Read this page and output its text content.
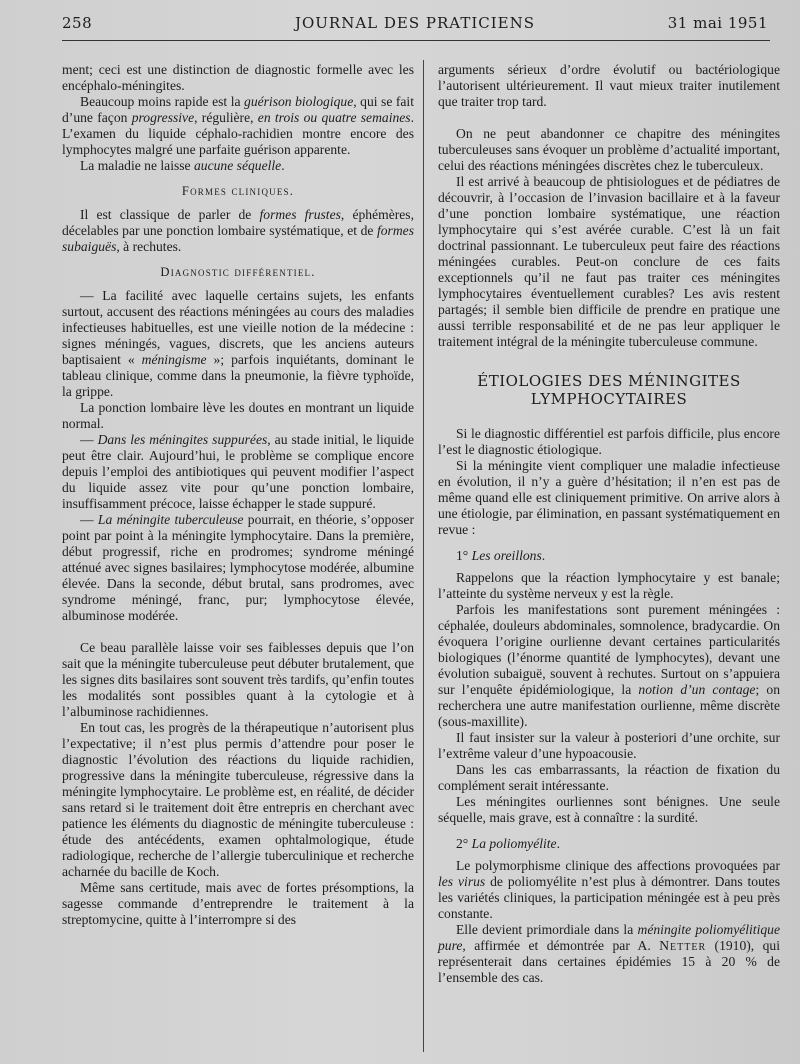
258	JOURNAL DES PRATICIENS	31 mai 1951

ment; ceci est une distinction de diagnostic formelle avec les encéphalo-méningites.

Beaucoup moins rapide est la guérison biologique, qui se fait d’une façon progressive, régulière, en trois ou quatre semaines. L’examen du liquide céphalo-rachidien montre encore des lymphocytes malgré une parfaite guérison apparente.

La maladie ne laisse aucune séquelle.

Formes cliniques.

Il est classique de parler de formes frustes, éphémères, décelables par une ponction lombaire systématique, et de formes subaiguës, à rechutes.

Diagnostic différentiel.

— La facilité avec laquelle certains sujets, les enfants surtout, accusent des réactions méningées au cours des maladies infectieuses habituelles, est une vieille notion de la médecine : signes méningés, vagues, discrets, que les anciens auteurs baptisaient « méningisme »; parfois inquiétants, dominant le tableau clinique, comme dans la pneumonie, la fièvre typhoïde, la grippe.

La ponction lombaire lève les doutes en montrant un liquide normal.

— Dans les méningites suppurées, au stade initial, le liquide peut être clair. Aujourd’hui, le problème se complique encore depuis l’emploi des antibiotiques qui peuvent modifier l’aspect du liquide assez vite pour qu’une ponction lombaire, insuffisamment précoce, laisse échapper le stade suppuré.

— La méningite tuberculeuse pourrait, en théorie, s’opposer point par point à la méningite lymphocytaire. Dans la première, début progressif, riche en prodromes; syndrome méningé atténué avec signes basilaires; lymphocytose modérée, albumine élevée. Dans la seconde, début brutal, sans prodromes, avec syndrome méningé, franc, pur; lymphocytose élevée, albuminose modérée.

Ce beau parallèle laisse voir ses faiblesses depuis que l’on sait que la méningite tuberculeuse peut débuter brutalement, que les signes dits basilaires sont souvent très tardifs, qu’enfin toutes les modalités sont possibles quant à la cytologie et à l’albuminose rachidiennes.

En tout cas, les progrès de la thérapeutique n’autorisent plus l’expectative; il n’est plus permis d’attendre pour poser le diagnostic l’évolution des réactions du liquide rachidien, progressive dans la méningite tuberculeuse, régressive dans la méningite lymphocytaire. Le problème est, en réalité, de décider sans retard si le traitement doit être entrepris en cherchant avec patience les éléments du diagnostic de méningite tuberculeuse : étude des antécédents, examen ophtalmologique, étude radiologique, recherche de l’allergie tuberculinique et recherche acharnée du bacille de Koch.

Même sans certitude, mais avec de fortes présomptions, la sagesse commande d’entreprendre le traitement à la streptomycine, quitte à l’interrompre si des

arguments sérieux d’ordre évolutif ou bactériologique l’autorisent ultérieurement. Il vaut mieux traiter inutilement que traiter trop tard.

On ne peut abandonner ce chapitre des méningites tuberculeuses sans évoquer un problème d’actualité important, celui des réactions méningées discrètes chez le tuberculeux.

Il est arrivé à beaucoup de phtisiologues et de pédiatres de découvrir, à l’occasion de l’invasion bacillaire et à la faveur d’une ponction lombaire systématique, une réaction lymphocytaire qui s’est avérée curable. C’est là un fait doctrinal passionnant. Le tuberculeux peut faire des réactions méningées curables. Peut-on conclure de ces faits exceptionnels qu’il ne faut pas traiter ces méningites lymphocytaires éventuellement curables? Les avis restent partagés; il semble bien difficile de prendre en pratique une aussi terrible responsabilité et de ne pas leur appliquer le traitement intégral de la méningite tuberculeuse commune.

ÉTIOLOGIES DES MÉNINGITES
LYMPHOCYTAIRES

Si le diagnostic différentiel est parfois difficile, plus encore l’est le diagnostic étiologique.

Si la méningite vient compliquer une maladie infectieuse en évolution, il n’y a guère d’hésitation; il n’en est pas de même quand elle est cliniquement primitive. On arrive alors à une étiologie, par élimination, en passant systématiquement en revue :

1° Les oreillons.

Rappelons que la réaction lymphocytaire y est banale; l’atteinte du système nerveux y est la règle.

Parfois les manifestations sont purement méningées : céphalée, douleurs abdominales, somnolence, bradycardie. On évoquera l’origine ourlienne devant certaines particularités biologiques (l’énorme quantité de lymphocytes), devant une évolution subaiguë, souvent à rechutes. Surtout on s’appuiera sur l’enquête épidémiologique, la notion d’un contage; on recherchera une autre manifestation ourlienne, même discrète (sous-maxillite).

Il faut insister sur la valeur à posteriori d’une orchite, sur l’extrême valeur d’une hypoacousie.

Dans les cas embarrassants, la réaction de fixation du complément serait intéressante.

Les méningites ourliennes sont bénignes. Une seule séquelle, mais grave, est à connaître : la surdité.

2° La poliomyélite.

Le polymorphisme clinique des affections provoquées par les virus de poliomyélite n’est plus à démontrer. Dans toutes les variétés cliniques, la participation méningée est à peu près constante.

Elle devient primordiale dans la méningite poliomyélitique pure, affirmée et démontrée par A. Netter (1910), qui représenterait dans certaines épidémies 15 à 20 % de l’ensemble des cas.
